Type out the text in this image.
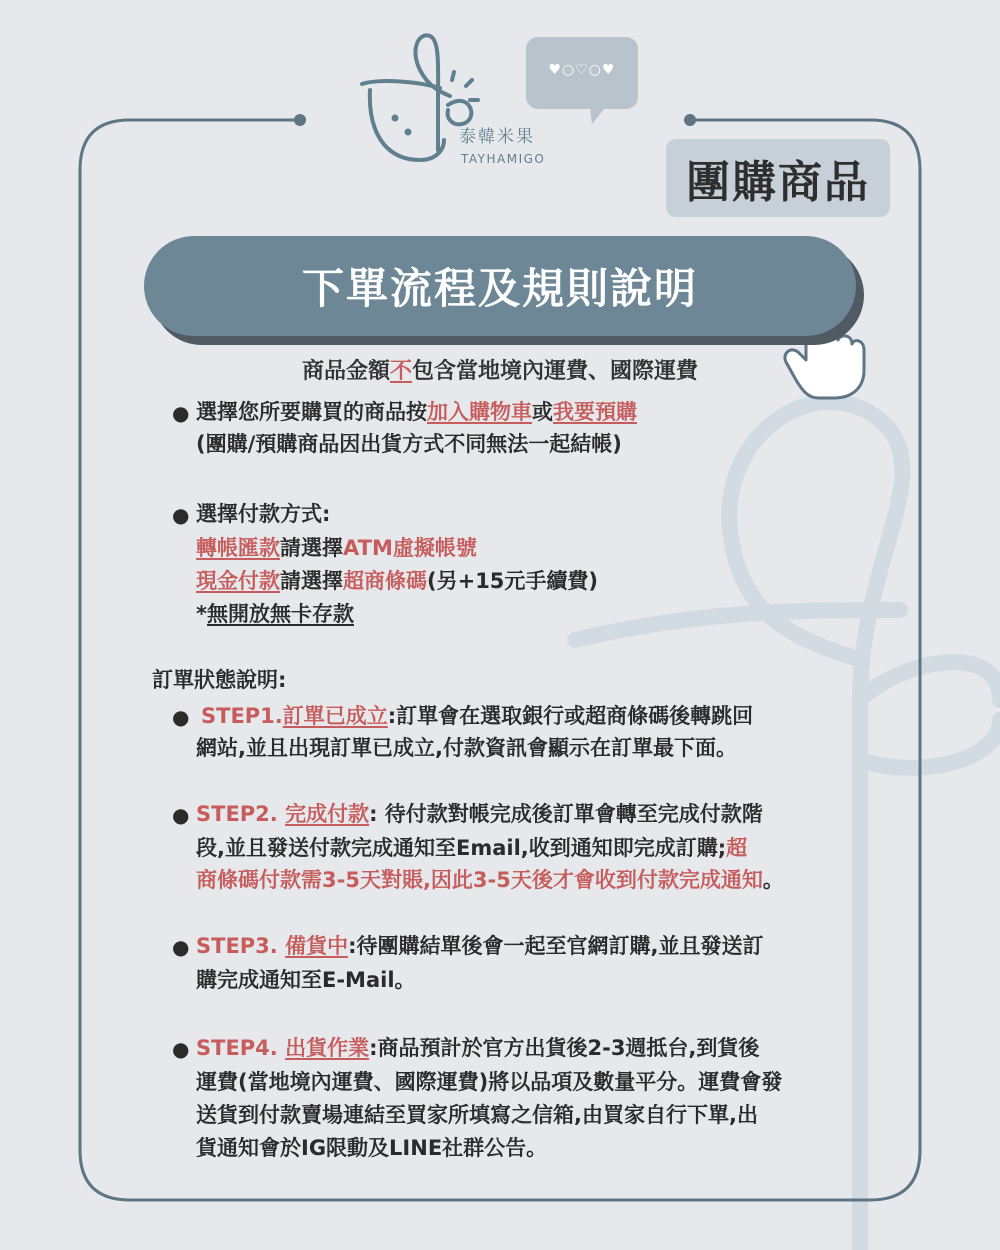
泰韓米果
TAYHAMIGO
♥○♡○♥
團購商品
下單流程及規則說明
商品金額不包含當地境內運費、國際運費
● 選擇您所要購買的商品按加入購物車或我要預購
(團購/預購商品因出貨方式不同無法一起結帳)
● 選擇付款方式:
轉帳匯款請選擇ATM虛擬帳號
現金付款請選擇超商條碼(另+15元手續費)
*無開放無卡存款
訂單狀態說明:
● STEP1.訂單已成立:訂單會在選取銀行或超商條碼後轉跳回
網站,並且出現訂單已成立,付款資訊會顯示在訂單最下面。
● STEP2. 完成付款: 待付款對帳完成後訂單會轉至完成付款階
段,並且發送付款完成通知至Email,收到通知即完成訂購;超
商條碼付款需3-5天對賬,因此3-5天後才會收到付款完成通知。
● STEP3. 備貨中:待團購結單後會一起至官網訂購,並且發送訂
購完成通知至E-Mail。
● STEP4. 出貨作業:商品預計於官方出貨後2-3週抵台,到貨後
運費(當地境內運費、國際運費)將以品項及數量平分。運費會發
送貨到付款賣場連結至買家所填寫之信箱,由買家自行下單,出
貨通知會於IG限動及LINE社群公告。
